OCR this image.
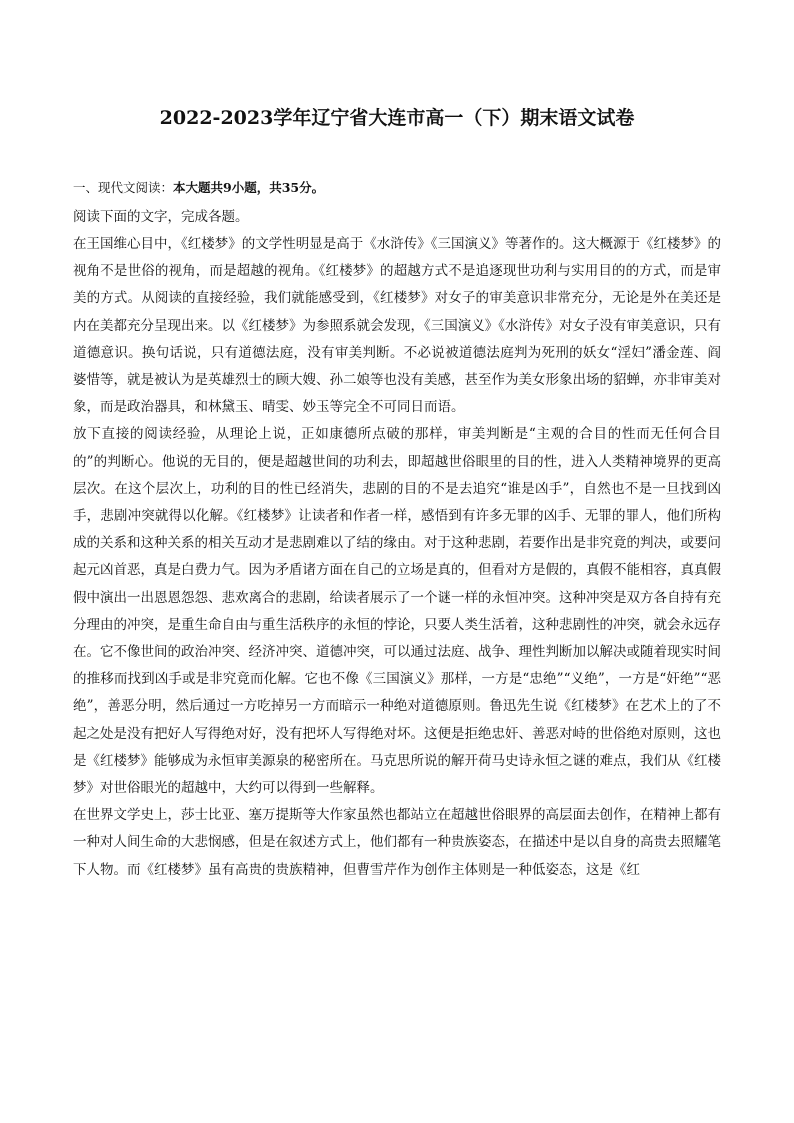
2022-2023学年辽宁省大连市高一（下）期末语文试卷

一、现代文阅读：本大题共9小题，共35分。

阅读下面的文字，完成各题。

在王国维心目中，《红楼梦》的文学性明显是高于《水浒传》《三国演义》等著作的。这大概源于《红楼梦》的视角不是世俗的视角，而是超越的视角。《红楼梦》的超越方式不是追逐现世功利与实用目的的方式，而是审美的方式。从阅读的直接经验，我们就能感受到，《红楼梦》对女子的审美意识非常充分，无论是外在美还是内在美都充分呈现出来。以《红楼梦》为参照系就会发现，《三国演义》《水浒传》对女子没有审美意识，只有道德意识。换句话说，只有道德法庭，没有审美判断。不必说被道德法庭判为死刑的妖女“淫妇”潘金莲、阎婆惜等，就是被认为是英雄烈士的顾大嫂、孙二娘等也没有美感，甚至作为美女形象出场的貂蝉，亦非审美对象，而是政治器具，和林黛玉、晴雯、妙玉等完全不可同日而语。

放下直接的阅读经验，从理论上说，正如康德所点破的那样，审美判断是“主观的合目的性而无任何合目的”的判断心。他说的无目的，便是超越世间的功利去，即超越世俗眼里的目的性，进入人类精神境界的更高层次。在这个层次上，功利的目的性已经消失，悲剧的目的不是去追究“谁是凶手”，自然也不是一旦找到凶手，悲剧冲突就得以化解。《红楼梦》让读者和作者一样，感悟到有许多无罪的凶手、无罪的罪人，他们所构成的关系和这种关系的相关互动才是悲剧难以了结的缘由。对于这种悲剧，若要作出是非究竟的判决，或要问起元凶首恶，真是白费力气。因为矛盾诸方面在自己的立场是真的，但看对方是假的，真假不能相容，真真假假中演出一出恩恩怨怨、悲欢离合的悲剧，给读者展示了一个谜一样的永恒冲突。这种冲突是双方各自持有充分理由的冲突，是重生命自由与重生活秩序的永恒的悖论，只要人类生活着，这种悲剧性的冲突，就会永远存在。它不像世间的政治冲突、经济冲突、道德冲突，可以通过法庭、战争、理性判断加以解决或随着现实时间的推移而找到凶手或是非究竟而化解。它也不像《三国演义》那样，一方是“忠绝”“义绝”，一方是“奸绝”“恶绝”，善恶分明，然后通过一方吃掉另一方而暗示一种绝对道德原则。鲁迅先生说《红楼梦》在艺术上的了不起之处是没有把好人写得绝对好，没有把坏人写得绝对坏。这便是拒绝忠奸、善恶对峙的世俗绝对原则，这也是《红楼梦》能够成为永恒审美源泉的秘密所在。马克思所说的解开荷马史诗永恒之谜的难点，我们从《红楼梦》对世俗眼光的超越中，大约可以得到一些解释。

在世界文学史上，莎士比亚、塞万提斯等大作家虽然也都站立在超越世俗眼界的高层面去创作，在精神上都有一种对人间生命的大悲悯感，但是在叙述方式上，他们都有一种贵族姿态，在描述中是以自身的高贵去照耀笔下人物。而《红楼梦》虽有高贵的贵族精神，但曹雪芹作为创作主体则是一种低姿态，这是《红
